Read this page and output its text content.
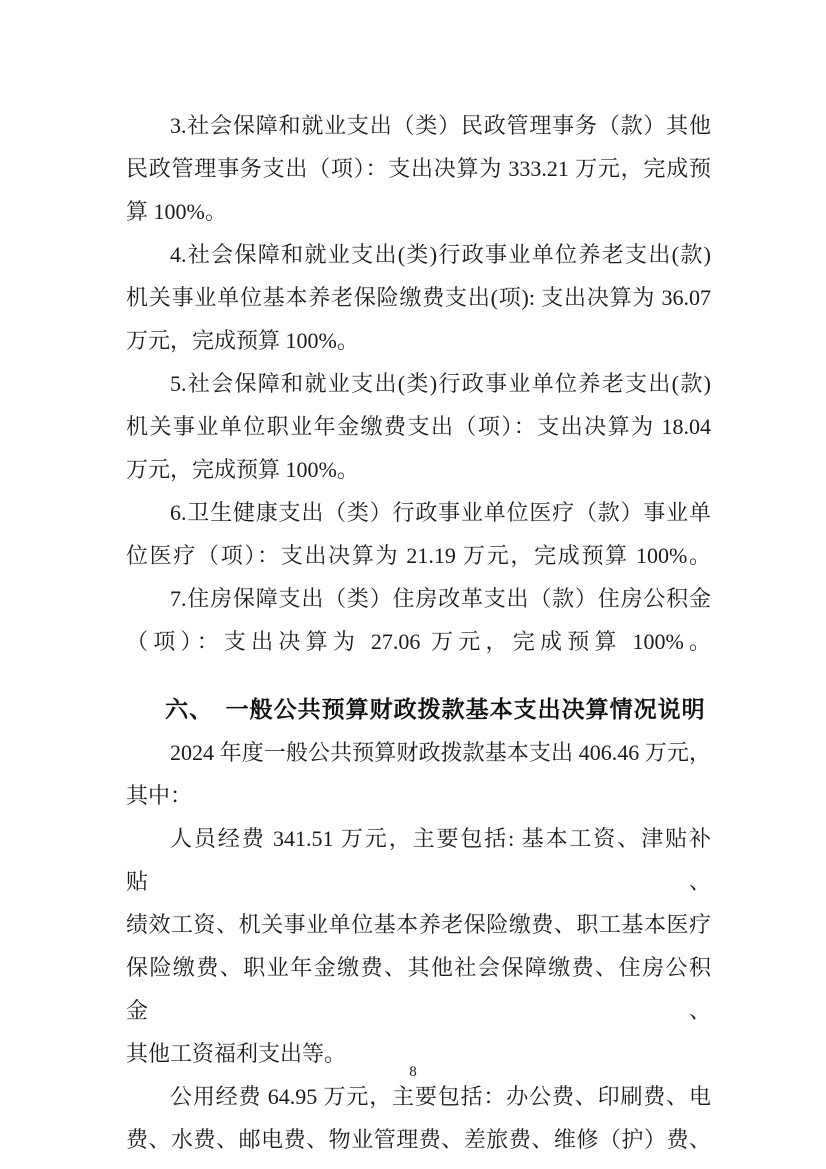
3.社会保障和就业支出（类）民政管理事务（款）其他
民政管理事务支出（项）：支出决算为 333.21 万元，完成预
算 100%。
4.社会保障和就业支出(类)行政事业单位养老支出(款)
机关事业单位基本养老保险缴费支出(项): 支出决算为 36.07
万元，完成预算 100%。
5.社会保障和就业支出(类)行政事业单位养老支出(款)
机关事业单位职业年金缴费支出（项）：支出决算为 18.04
万元，完成预算 100%。
6.卫生健康支出（类）行政事业单位医疗（款）事业单
位医疗（项）：支出决算为 21.19 万元，完成预算 100%。
7.住房保障支出（类）住房改革支出（款）住房公积金
（项）：支出决算为 27.06 万元，完成预算 100%。
六、　一般公共预算财政拨款基本支出决算情况说明
2024 年度一般公共预算财政拨款基本支出 406.46 万元，
其中：
人员经费 341.51 万元，主要包括: 基本工资、津贴补贴、
绩效工资、机关事业单位基本养老保险缴费、职工基本医疗
保险缴费、职业年金缴费、其他社会保障缴费、住房公积金、
其他工资福利支出等。
公用经费 64.95 万元，主要包括：办公费、印刷费、电
费、水费、邮电费、物业管理费、差旅费、维修（护）费、
8
